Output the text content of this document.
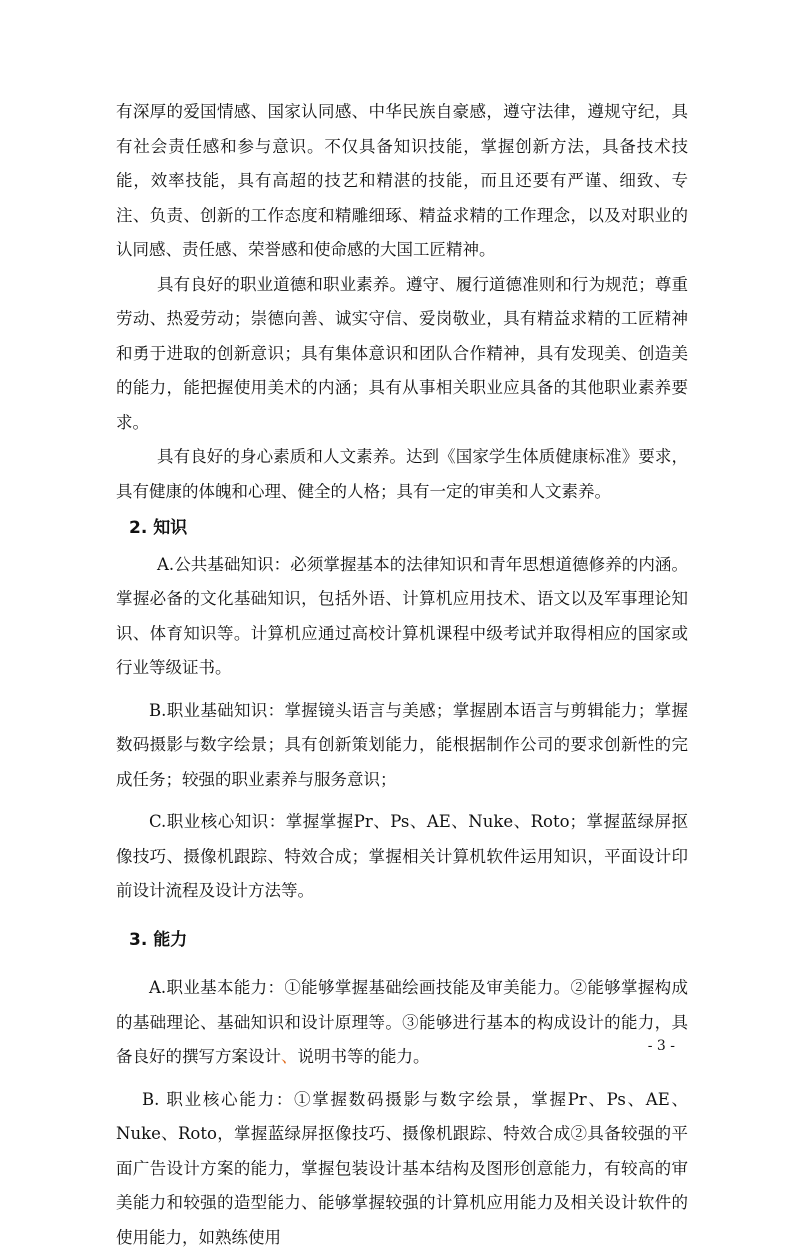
有深厚的爱国情感、国家认同感、中华民族自豪感，遵守法律，遵规守纪，具有社会责任感和参与意识。不仅具备知识技能，掌握创新方法，具备技术技能，效率技能，具有高超的技艺和精湛的技能，而且还要有严谨、细致、专注、负责、创新的工作态度和精雕细琢、精益求精的工作理念，以及对职业的认同感、责任感、荣誉感和使命感的大国工匠精神。

具有良好的职业道德和职业素养。遵守、履行道德准则和行为规范；尊重劳动、热爱劳动；崇德向善、诚实守信、爱岗敬业，具有精益求精的工匠精神和勇于进取的创新意识；具有集体意识和团队合作精神，具有发现美、创造美的能力，能把握使用美术的内涵；具有从事相关职业应具备的其他职业素养要求。

具有良好的身心素质和人文素养。达到《国家学生体质健康标准》要求，具有健康的体魄和心理、健全的人格；具有一定的审美和人文素养。

2. 知识

A.公共基础知识：必须掌握基本的法律知识和青年思想道德修养的内涵。掌握必备的文化基础知识，包括外语、计算机应用技术、语文以及军事理论知识、体育知识等。计算机应通过高校计算机课程中级考试并取得相应的国家或行业等级证书。

B.职业基础知识：掌握镜头语言与美感；掌握剧本语言与剪辑能力；掌握数码摄影与数字绘景；具有创新策划能力，能根据制作公司的要求创新性的完成任务；较强的职业素养与服务意识；

C.职业核心知识：掌握掌握Pr、Ps、AE、Nuke、Roto；掌握蓝绿屏抠像技巧、摄像机跟踪、特效合成；掌握相关计算机软件运用知识，平面设计印前设计流程及设计方法等。

3. 能力

A.职业基本能力：①能够掌握基础绘画技能及审美能力。②能够掌握构成的基础理论、基础知识和设计原理等。③能够进行基本的构成设计的能力，具备良好的撰写方案设计、说明书等的能力。

B. 职业核心能力：①掌握数码摄影与数字绘景，掌握Pr、Ps、AE、Nuke、Roto，掌握蓝绿屏抠像技巧、摄像机跟踪、特效合成②具备较强的平面广告设计方案的能力，掌握包装设计基本结构及图形创意能力，有较高的审美能力和较强的造型能力、能够掌握较强的计算机应用能力及相关设计软件的使用能力，如熟练使用

- 3 -
